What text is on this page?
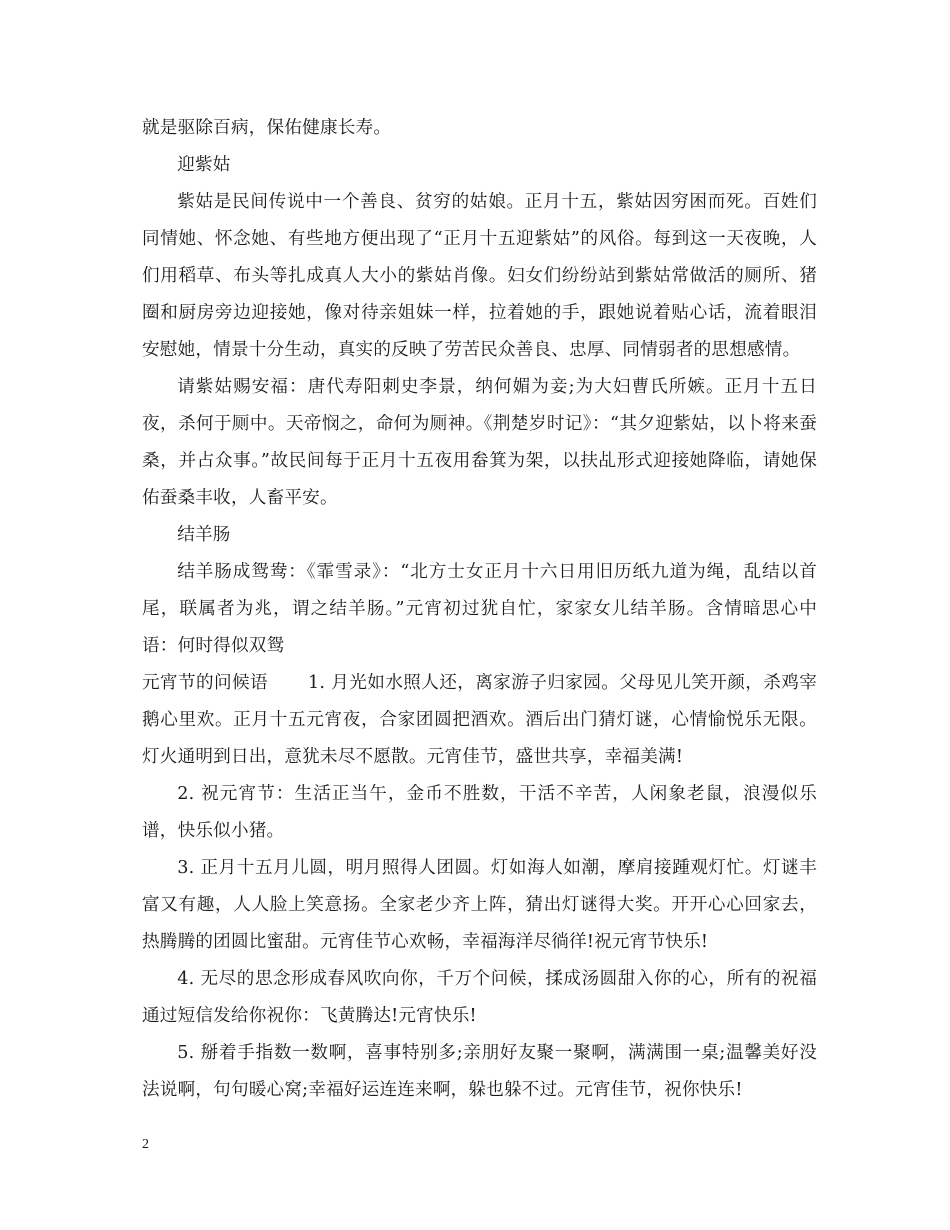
就是驱除百病，保佑健康长寿。

迎紫姑

紫姑是民间传说中一个善良、贫穷的姑娘。正月十五，紫姑因穷困而死。百姓们同情她、怀念她、有些地方便出现了“正月十五迎紫姑”的风俗。每到这一天夜晚，人们用稻草、布头等扎成真人大小的紫姑肖像。妇女们纷纷站到紫姑常做活的厕所、猪圈和厨房旁边迎接她，像对待亲姐妹一样，拉着她的手，跟她说着贴心话，流着眼泪安慰她，情景十分生动，真实的反映了劳苦民众善良、忠厚、同情弱者的思想感情。

请紫姑赐安福：唐代寿阳刺史李景，纳何媚为妾;为大妇曹氏所嫉。正月十五日夜，杀何于厕中。天帝悯之，命何为厕神。《荆楚岁时记》：“其夕迎紫姑，以卜将来蚕桑，并占众事。”故民间每于正月十五夜用畚箕为架，以扶乩形式迎接她降临，请她保佑蚕桑丰收，人畜平安。

结羊肠

结羊肠成鸳鸯：《霏雪录》：“北方士女正月十六日用旧历纸九道为绳，乱结以首尾，联属者为兆，谓之结羊肠。”元宵初过犹自忙，家家女儿结羊肠。含情暗思心中语：何时得似双鸳

元宵节的问候语 1. 月光如水照人还，离家游子归家园。父母见儿笑开颜，杀鸡宰鹅心里欢。正月十五元宵夜，合家团圆把酒欢。酒后出门猜灯谜，心情愉悦乐无限。灯火通明到日出，意犹未尽不愿散。元宵佳节，盛世共享，幸福美满!

2. 祝元宵节：生活正当午，金币不胜数，干活不辛苦，人闲象老鼠，浪漫似乐谱，快乐似小猪。

3. 正月十五月儿圆，明月照得人团圆。灯如海人如潮，摩肩接踵观灯忙。灯谜丰富又有趣，人人脸上笑意扬。全家老少齐上阵，猜出灯谜得大奖。开开心心回家去，热腾腾的团圆比蜜甜。元宵佳节心欢畅，幸福海洋尽徜徉!祝元宵节快乐!

4. 无尽的思念形成春风吹向你，千万个问候，揉成汤圆甜入你的心，所有的祝福通过短信发给你祝你：飞黄腾达!元宵快乐!

5. 掰着手指数一数啊，喜事特别多;亲朋好友聚一聚啊，满满围一桌;温馨美好没法说啊，句句暖心窝;幸福好运连连来啊，躲也躲不过。元宵佳节，祝你快乐!

2
